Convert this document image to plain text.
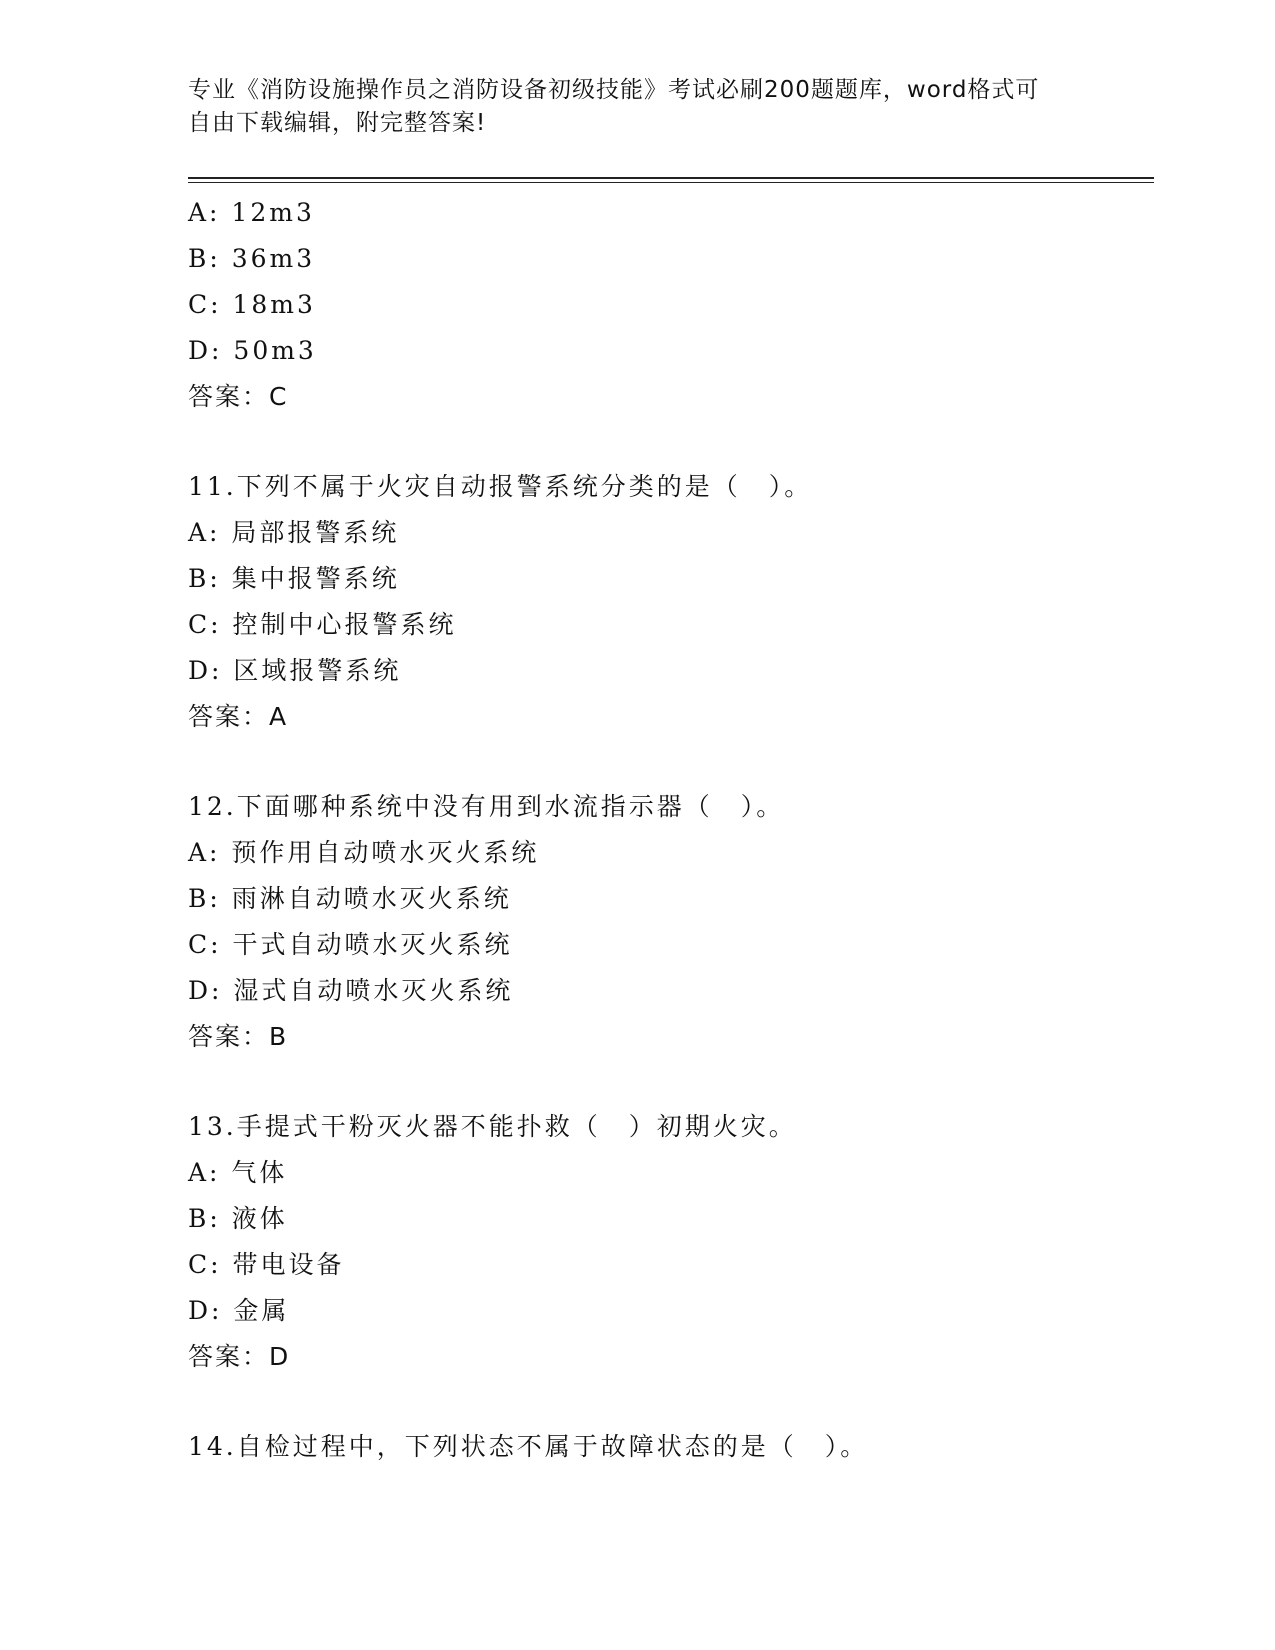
专业《消防设施操作员之消防设备初级技能》考试必刷200题题库，word格式可
自由下载编辑，附完整答案!
A: 12m3
B: 36m3
C: 18m3
D: 50m3
答案：C
11.下列不属于火灾自动报警系统分类的是（　）。
A: 局部报警系统
B: 集中报警系统
C: 控制中心报警系统
D: 区域报警系统
答案：A
12.下面哪种系统中没有用到水流指示器（　）。
A: 预作用自动喷水灭火系统
B: 雨淋自动喷水灭火系统
C: 干式自动喷水灭火系统
D: 湿式自动喷水灭火系统
答案：B
13.手提式干粉灭火器不能扑救（　）初期火灾。
A: 气体
B: 液体
C: 带电设备
D: 金属
答案：D
14.自检过程中，下列状态不属于故障状态的是（　）。
